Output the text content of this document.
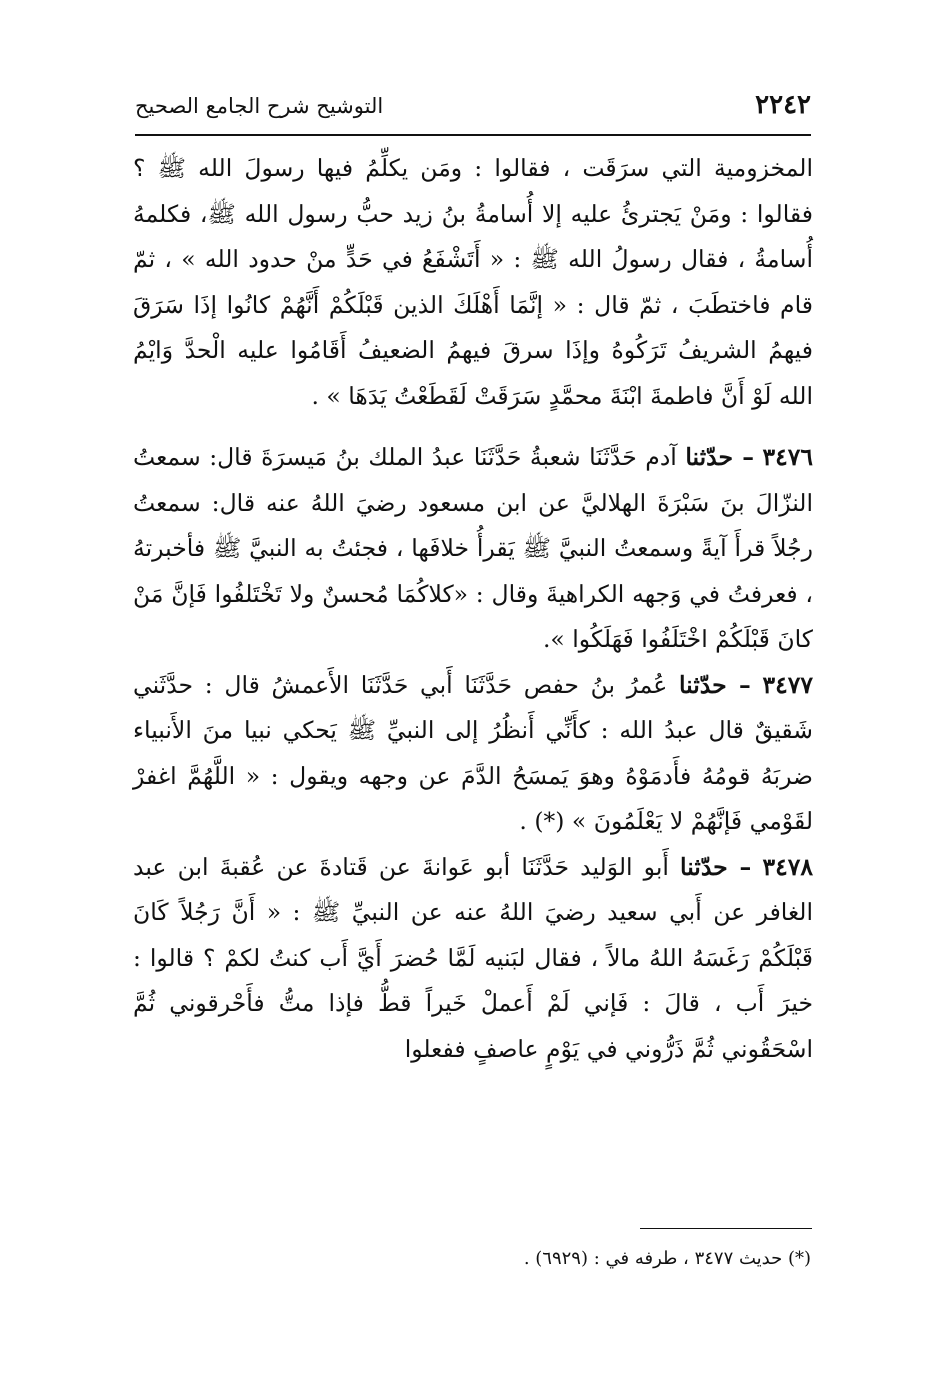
٢٢٤٢
التوشيح شرح الجامع الصحيح

المخزومية التي سرَقَت ، فقالوا : ومَن يكلِّمُ فيها رسولَ الله ﷺ ؟ فقالوا : ومَنْ يَجترئُ عليه إلا أُسامةُ بنُ زيد حبُّ رسول الله ﷺ، فكلمهُ أُسامةُ ، فقال رسولُ الله ﷺ : « أَتَشْفَعُ في حَدٍّ منْ حدود الله » ، ثمّ قام فاختطَبَ ، ثمّ قال : « إنَّمَا أَهْلَكَ الذين قَبْلَكُمْ أَنَّهُمْ كانُوا إذَا سَرَقَ فيهمُ الشريفُ تَرَكُوهُ وإذَا سرقَ فيهمُ الضعيفُ أَقَامُوا عليه الْحدَّ وَايْمُ الله لَوْ أَنَّ فاطمةَ ابْنَةَ محمَّدٍ سَرَقَتْ لَقَطَعْتُ يَدَهَا » .

٣٤٧٦ – حدّثنا آدم حَدَّثَنَا شعبةُ حَدَّثَنَا عبدُ الملك بنُ مَيسرَةَ قال: سمعتُ النزّالَ بنَ سَبْرَةَ الهلاليَّ عن ابن مسعود رضيَ اللهُ عنه قال: سمعتُ رجُلاً قرأَ آيةً وسمعتُ النبيَّ ﷺ يَقرأُ خلافَها ، فجئتُ به النبيَّ ﷺ فأخبرتهُ ، فعرفتُ في وَجهه الكراهيةَ وقال : «كلاكُمَا مُحسنٌ ولا تَخْتَلفُوا فَإنَّ مَنْ كانَ قَبْلَكُمْ اخْتَلَفُوا فَهَلَكُوا ».

٣٤٧٧ – حدّثنا عُمرُ بنُ حفص حَدَّثَنَا أَبي حَدَّثَنَا الأَعمشُ قال : حدَّثَني شَقيقٌ قال عبدُ الله : كأَنِّي أَنظُرُ إلى النبيِّ ﷺ يَحكي نبيا منَ الأَنبياء ضربَهُ قومُهُ فأَدمَوْهُ وهوَ يَمسَحُ الدَّمَ عن وجهه ويقول : « اللَّهُمَّ اغفرْ لقَوْمي فَإنَّهُمْ لا يَعْلَمُونَ » (*) .

٣٤٧٨ – حدّثنا أَبو الوَليد حَدَّثَنَا أبو عَوانةَ عن قَتادةَ عن عُقبةَ ابن عبد الغافر عن أَبي سعيد رضيَ اللهُ عنه عن النبيِّ ﷺ : « أَنَّ رَجُلاً كَانَ قَبْلَكُمْ رَغَسَهُ اللهُ مالاً ، فقال لبَنيه لَمَّا حُضرَ أَيَّ أَب كنتُ لكمْ ؟ قالوا : خيرَ أَب ، قالَ : فَإني لَمْ أَعملْ خَيراً قطُّ فإذا متُّ فأَحْرقوني ثُمَّ اسْحَقُوني ثُمَّ ذَرُّوني في يَوْمٍ عاصفٍ ففعلوا

(*) حديث ٣٤٧٧ ، طرفه في : (٦٩٢٩) .
